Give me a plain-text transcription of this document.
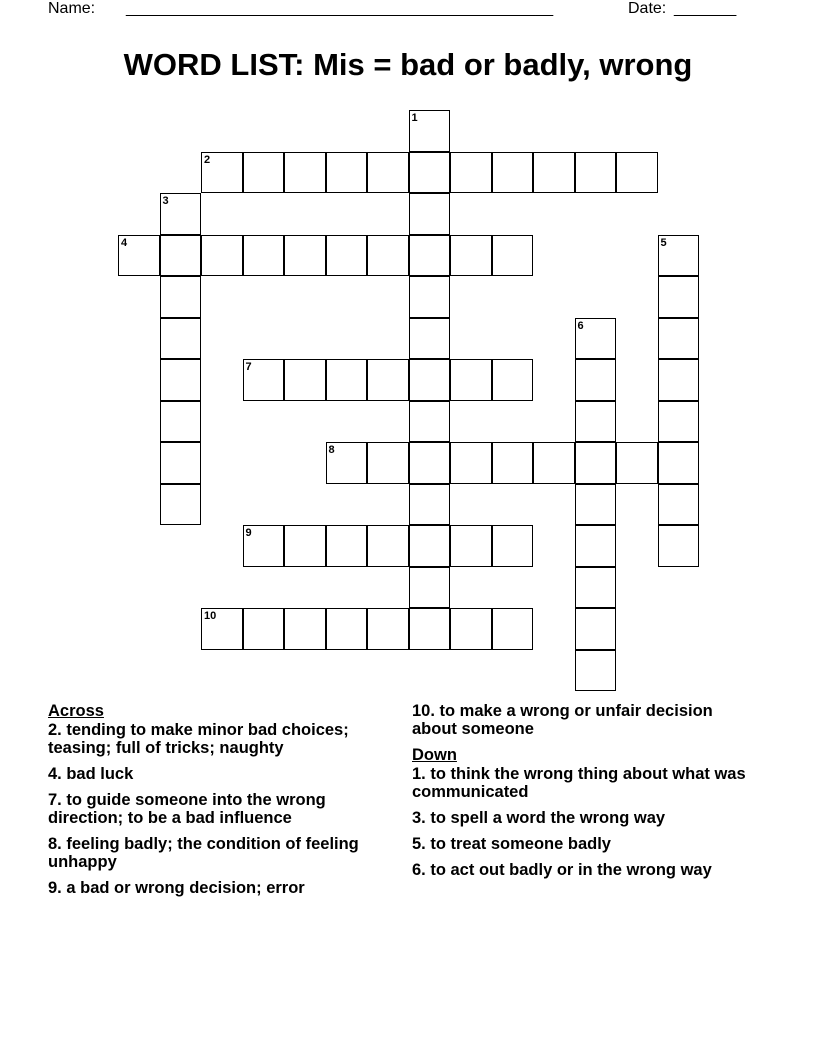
Name: ________________________________________________	Date: _______
WORD LIST: Mis = bad or badly, wrong
1
2
3
4	5
6
7
8
9
10
Across
2. tending to make minor bad choices; teasing; full of tricks; naughty
4. bad luck
7. to guide someone into the wrong direction; to be a bad influence
8. feeling badly; the condition of feeling unhappy
9. a bad or wrong decision; error
10. to make a wrong or unfair decision about someone
Down
1. to think the wrong thing about what was communicated
3. to spell a word the wrong way
5. to treat someone badly
6. to act out badly or in the wrong way
